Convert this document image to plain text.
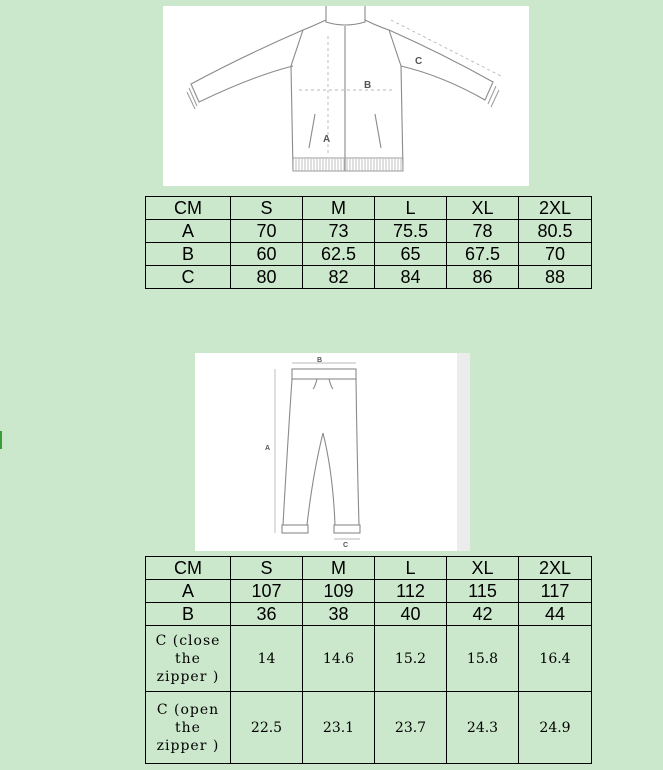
B
A
C
CM	S	M	L	XL	2XL
A	70	73	75.5	78	80.5
B	60	62.5	65	67.5	70
C	80	82	84	86	88
B
A
C
CM	S	M	L	XL	2XL
A	107	109	112	115	117
B	36	38	40	42	44

C (close
the
zipper )	14	14.6	15.2	15.8	16.4

C (open
the
zipper )	22.5	23.1	23.7	24.3	24.9
